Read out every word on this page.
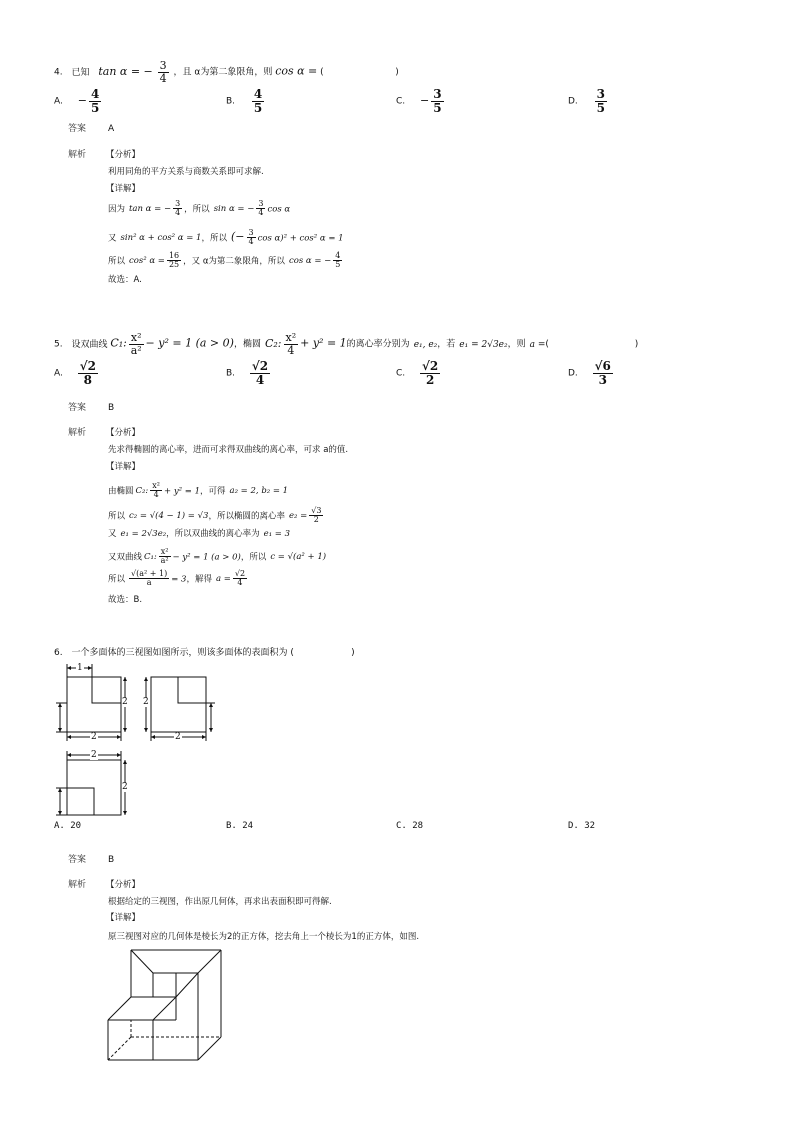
4. 已知 tan α = − $\frac{3}{4}$ ，且 α为第二象限角，则 cos α = (                         )
A. − $\frac{4}{5}$	B. $\frac{4}{5}$	C. − $\frac{3}{5}$	D. $\frac{3}{5}$
答案 A
解析 【分析】
利用同角的平方关系与商数关系即可求解.
【详解】
因为 tan α = − $\frac{3}{4}$ ，所以 sin α = − $\frac{3}{4}$ cos α
又 sin² α + cos² α = 1，所以 (− $\frac{3}{4}$ cos α)² + cos² α = 1
所以 cos² $\alpha = \frac{16}{25}$ ，又 α为第二象限角，所以 cos α = − $\frac{4}{5}$
故选：A.
5. 设双曲线 C₁: $\frac{\text{x²}}{\text{a²}} - y^2 = 1$ (a > 0)，椭圆 C₂: $\frac{\text{x²}}{4} + y^2 = 1$的离心率分别为 e₁, e₂，若 e₁ = 2√3e₂，则 a =(                              )
A. $\frac{√2}{8}$	B. $\frac{√2}{4}$	C. $\frac{√2}{2}$	D. $\frac{√6}{3}$
答案 B
解析 【分析】
先求得椭圆的离心率，进而可求得双曲线的离心率，可求 a的值.
【详解】
由椭圆 C₂: $\frac{\text{x²}}{4} + y^2 = 1$，可得 a₂ = 2, b₂ = 1
所以 c₂ = √(4 − 1) = √3，所以椭圆的离心率 $e_2 = \frac{√3}{2}$
又 e₁ = 2√3e₂，所以双曲线的离心率为 e₁ = 3
又双曲线 C₁: $\frac{\text{x²}}{\text{a²}} - y^2 = 1$ (a > 0)，所以 c = √(a² + 1)
所以 $\frac{\text{√(a² + 1)}}{a} = 3$，解得 $a = \frac{√2}{4}$
故选：B.
6. 一个多面体的三视图如图所示，则该多面体的表面积为 (                    )
1
2
2
2
2
2
2
A. 20	B. 24	C. 28	D. 32
答案 B
解析 【分析】
根据给定的三视图，作出原几何体，再求出表面积即可得解.
【详解】
原三视图对应的几何体是棱长为2的正方体，挖去角上一个棱长为1的正方体，如图.
